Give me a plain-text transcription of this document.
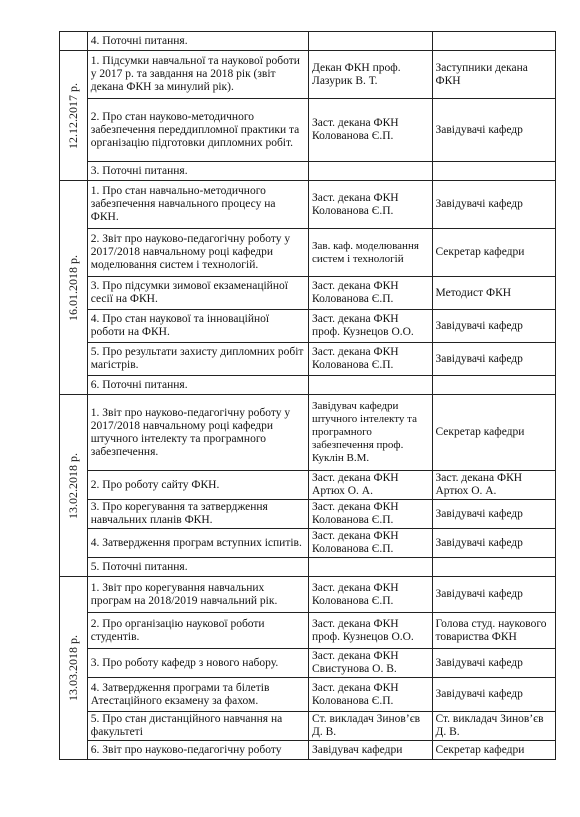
	4. Поточні питання.		

12.12.2017 р.	1. Підсумки навчальної та наукової роботи у 2017 р. та завдання на 2018 рік (звіт декана ФКН за минулий рік).	Декан ФКН проф. Лазурик В. Т.	Заступники декана ФКН
	2. Про стан науково-методичного забезпечення переддипломної практики та організацію підготовки дипломних робіт.	Заст. декана ФКН Колованова Є.П.	Завідувачі кафедр
	3. Поточні питання.		

16.01.2018 р.	1. Про стан навчально-методичного забезпечення навчального процесу на ФКН.	Заст. декана ФКН Колованова Є.П.	Завідувачі кафедр
	2. Звіт про науково-педагогічну роботу у 2017/2018 навчальному році кафедри моделювання систем і технологій.	Зав. каф. моделювання систем і технологій	Секретар кафедри
	3. Про підсумки зимової екзаменаційної сесії на ФКН.	Заст. декана ФКН Колованова Є.П.	Методист ФКН
	4. Про стан наукової та інноваційної роботи на ФКН.	Заст. декана ФКН проф. Кузнецов О.О.	Завідувачі кафедр
	5. Про результати захисту дипломних робіт магістрів.	Заст. декана ФКН Колованова Є.П.	Завідувачі кафедр
	6. Поточні питання.		

13.02.2018 р.	1. Звіт про науково-педагогічну роботу у 2017/2018 навчальному році кафедри штучного інтелекту та програмного забезпечення.	Завідувач кафедри штучного інтелекту та програмного забезпечення проф. Куклін В.М.	Секретар кафедри
	2. Про роботу сайту ФКН.	Заст. декана ФКН Артюх О. А.	Заст. декана ФКН Артюх О. А.
	3. Про корегування та затвердження навчальних планів ФКН.	Заст. декана ФКН Колованова Є.П.	Завідувачі кафедр
	4. Затвердження програм вступних іспитів.	Заст. декана ФКН Колованова Є.П.	Завідувачі кафедр
	5. Поточні питання.		

13.03.2018 р.	1. Звіт про корегування навчальних програм на 2018/2019 навчальний рік.	Заст. декана ФКН Колованова Є.П.	Завідувачі кафедр
	2. Про організацію наукової роботи студентів.	Заст. декана ФКН проф. Кузнецов О.О.	Голова студ. наукового товариства ФКН
	3. Про роботу кафедр з нового набору.	Заст. декана ФКН Свистунова О. В.	Завідувачі кафедр
	4. Затвердження програми та білетів Атестаційного екзамену за фахом.	Заст. декана ФКН Колованова Є.П.	Завідувачі кафедр
	5. Про стан дистанційного навчання на факультеті	Ст. викладач Зинов’єв Д. В.	Ст. викладач Зинов’єв Д. В.
	6. Звіт про науково-педагогічну роботу	Завідувач кафедри	Секретар кафедри
